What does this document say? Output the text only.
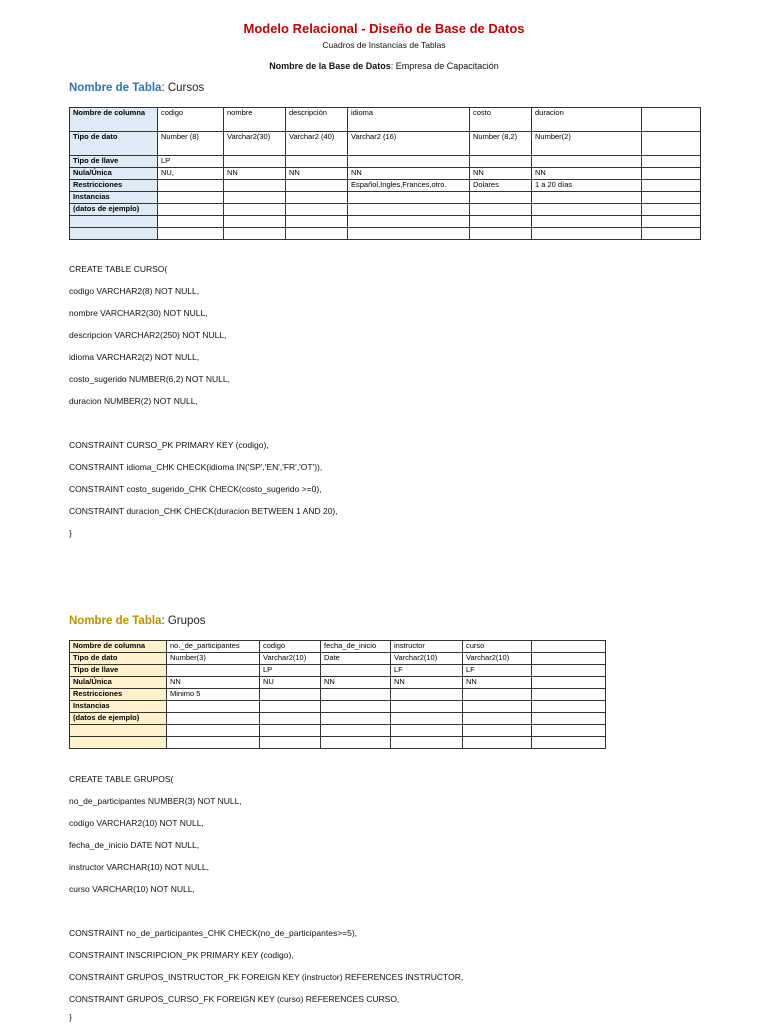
Modelo Relacional - Diseño de Base de Datos
Cuadros de Instancias de Tablas
Nombre de la Base de Datos: Empresa de Capacitación
Nombre de Tabla: Cursos
Nombre de columna	codigo	nombre	descripción	idioma	costo	duracion	
Tipo de dato	Number (8)	Varchar2(30)	Varchar2 (40)	Varchar2 (16)	Number (8,2)	Number(2)	
Tipo de llave	LP						
Nula/Única	NU,	NN	NN	NN	NN	NN	
Restricciones				Español,Ingles,Frances,otro.	Dolares	1 a 20 días	
Instancias							
(datos de ejemplo)							

CREATE TABLE CURSO(
codigo VARCHAR2(8) NOT NULL,
nombre VARCHAR2(30) NOT NULL,
descripcion VARCHAR2(250) NOT NULL,
idioma VARCHAR2(2) NOT NULL,
costo_sugerido NUMBER(6,2) NOT NULL,
duracion NUMBER(2) NOT NULL,
CONSTRAINT CURSO_PK PRIMARY KEY (codigo),
CONSTRAINT idioma_CHK CHECK(idioma IN('SP','EN','FR','OT')),
CONSTRAINT costo_sugerido_CHK CHECK(costo_sugerido >=0),
CONSTRAINT duracion_CHK CHECK(duracion BETWEEN 1 AND 20),
}
Nombre de Tabla: Grupos
Nombre de columna	no._de_participantes	codigo	fecha_de_inicio	instructor	curso	
Tipo de dato	Number(3)	Varchar2(10)	Date	Varchar2(10)	Varchar2(10)	
Tipo de llave		LP		LF	LF	
Nula/Única	NN	NU	NN	NN	NN	
Restricciones	Minimo 5					
Instancias						
(datos de ejemplo)						

CREATE TABLE GRUPOS(
no_de_participantes NUMBER(3) NOT NULL,
codigo VARCHAR2(10) NOT NULL,
fecha_de_inicio DATE NOT NULL,
instructor VARCHAR(10) NOT NULL,
curso VARCHAR(10) NOT NULL,
CONSTRAINT no_de_participantes_CHK CHECK(no_de_participantes>=5),
CONSTRAINT INSCRIPCION_PK PRIMARY KEY (codigo),
CONSTRAINT GRUPOS_INSTRUCTOR_FK FOREIGN KEY (instructor) REFERENCES INSTRUCTOR,
CONSTRAINT GRUPOS_CURSO_FK FOREIGN KEY (curso) REFERENCES CURSO,
}
